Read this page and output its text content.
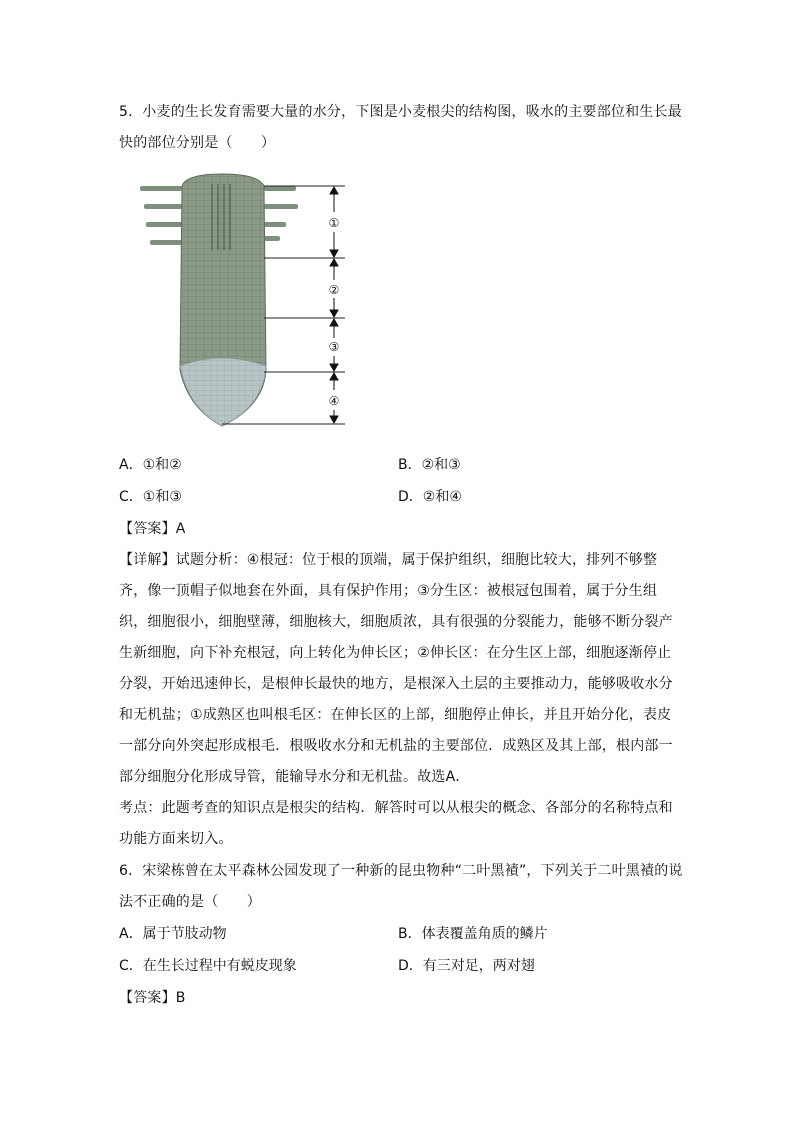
5．小麦的生长发育需要大量的水分，下图是小麦根尖的结构图，吸水的主要部位和生长最
快的部位分别是（　　）
①
②
③
④
A．①和②	B．②和③
C．①和③	D．②和④
【答案】A
【详解】试题分析：④根冠：位于根的顶端，属于保护组织，细胞比较大，排列不够整
齐，像一顶帽子似地套在外面，具有保护作用；③分生区：被根冠包围着，属于分生组
织，细胞很小，细胞壁薄，细胞核大，细胞质浓，具有很强的分裂能力，能够不断分裂产
生新细胞，向下补充根冠，向上转化为伸长区；②伸长区：在分生区上部，细胞逐渐停止
分裂，开始迅速伸长，是根伸长最快的地方，是根深入土层的主要推动力，能够吸收水分
和无机盐；①成熟区也叫根毛区：在伸长区的上部，细胞停止伸长，并且开始分化，表皮
一部分向外突起形成根毛．根吸收水分和无机盐的主要部位．成熟区及其上部，根内部一
部分细胞分化形成导管，能输导水分和无机盐。故选A．
考点：此题考查的知识点是根尖的结构．解答时可以从根尖的概念、各部分的名称特点和
功能方面来切入。
6．宋梁栋曾在太平森林公园发现了一种新的昆虫物种“二叶黑襀”，下列关于二叶黑襀的说
法不正确的是（　　）
A．属于节肢动物	B．体表覆盖角质的鳞片
C．在生长过程中有蜕皮现象	D．有三对足，两对翅
【答案】B
